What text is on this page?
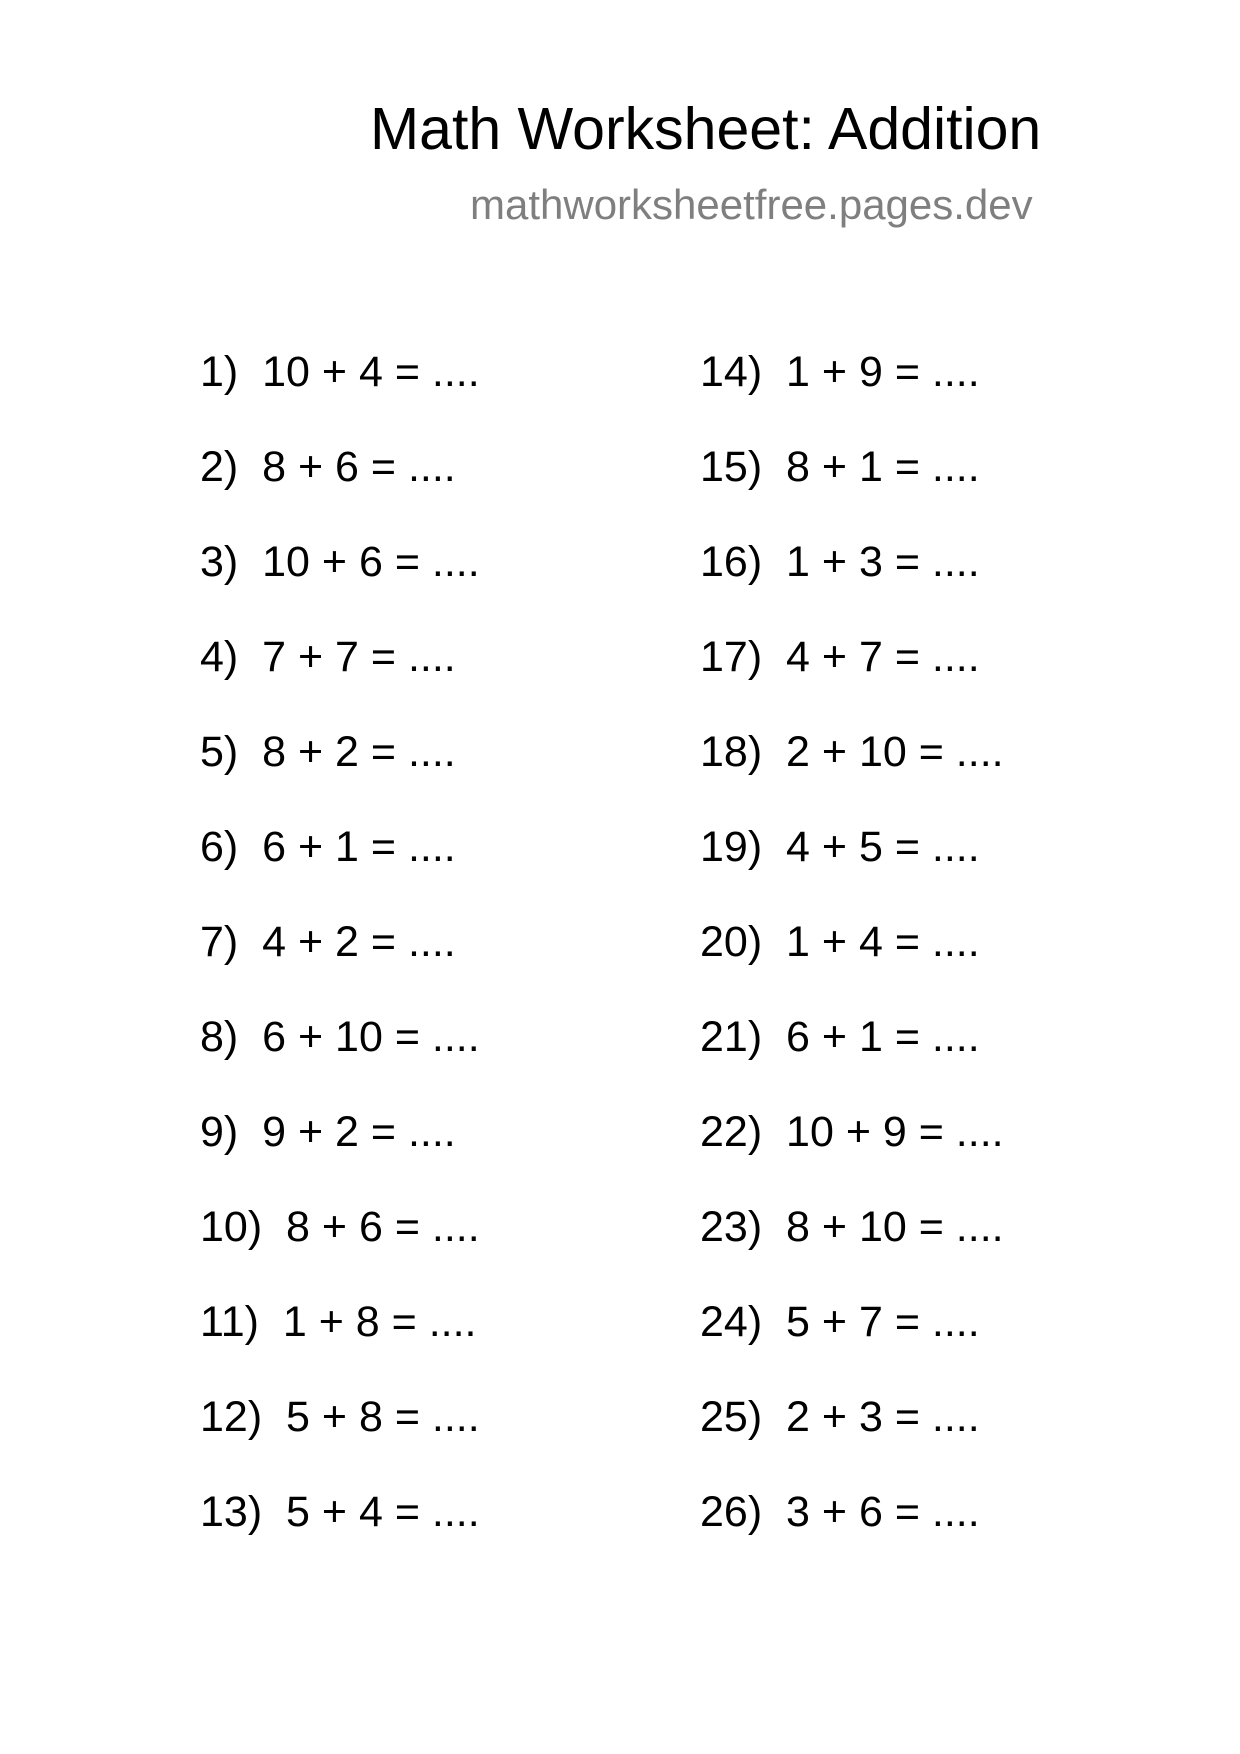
Math Worksheet: Addition
mathworksheetfree.pages.dev
1)  10 + 4 = ....
2)  8 + 6 = ....
3)  10 + 6 = ....
4)  7 + 7 = ....
5)  8 + 2 = ....
6)  6 + 1 = ....
7)  4 + 2 = ....
8)  6 + 10 = ....
9)  9 + 2 = ....
10)  8 + 6 = ....
11)  1 + 8 = ....
12)  5 + 8 = ....
13)  5 + 4 = ....
14)  1 + 9 = ....
15)  8 + 1 = ....
16)  1 + 3 = ....
17)  4 + 7 = ....
18)  2 + 10 = ....
19)  4 + 5 = ....
20)  1 + 4 = ....
21)  6 + 1 = ....
22)  10 + 9 = ....
23)  8 + 10 = ....
24)  5 + 7 = ....
25)  2 + 3 = ....
26)  3 + 6 = ....
